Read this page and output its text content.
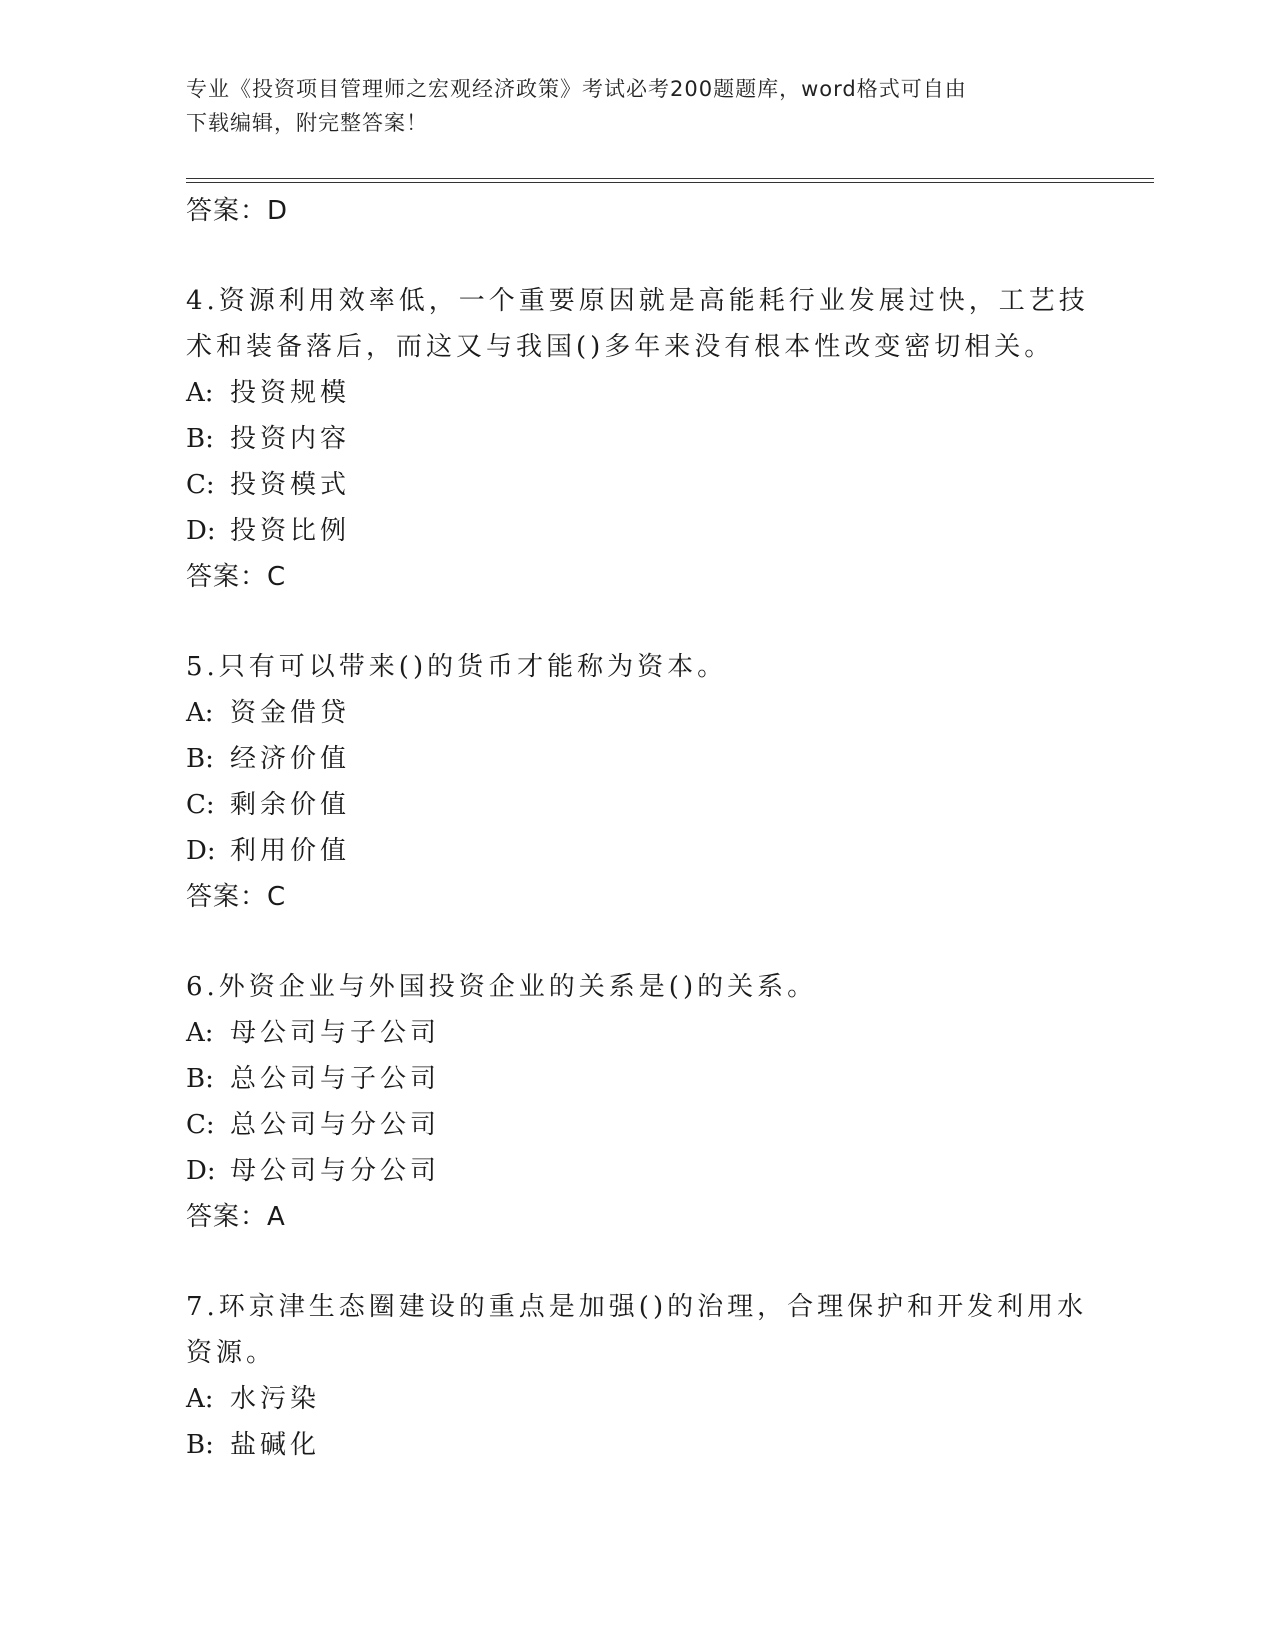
专业《投资项目管理师之宏观经济政策》考试必考200题题库，word格式可自由
下载编辑，附完整答案！
答案：D
4.资源利用效率低，一个重要原因就是高能耗行业发展过快，工艺技
术和装备落后，而这又与我国()多年来没有根本性改变密切相关。
A: 投资规模
B: 投资内容
C: 投资模式
D: 投资比例
答案：C
5.只有可以带来()的货币才能称为资本。
A: 资金借贷
B: 经济价值
C: 剩余价值
D: 利用价值
答案：C
6.外资企业与外国投资企业的关系是()的关系。
A: 母公司与子公司
B: 总公司与子公司
C: 总公司与分公司
D: 母公司与分公司
答案：A
7.环京津生态圈建设的重点是加强()的治理，合理保护和开发利用水
资源。
A: 水污染
B: 盐碱化
